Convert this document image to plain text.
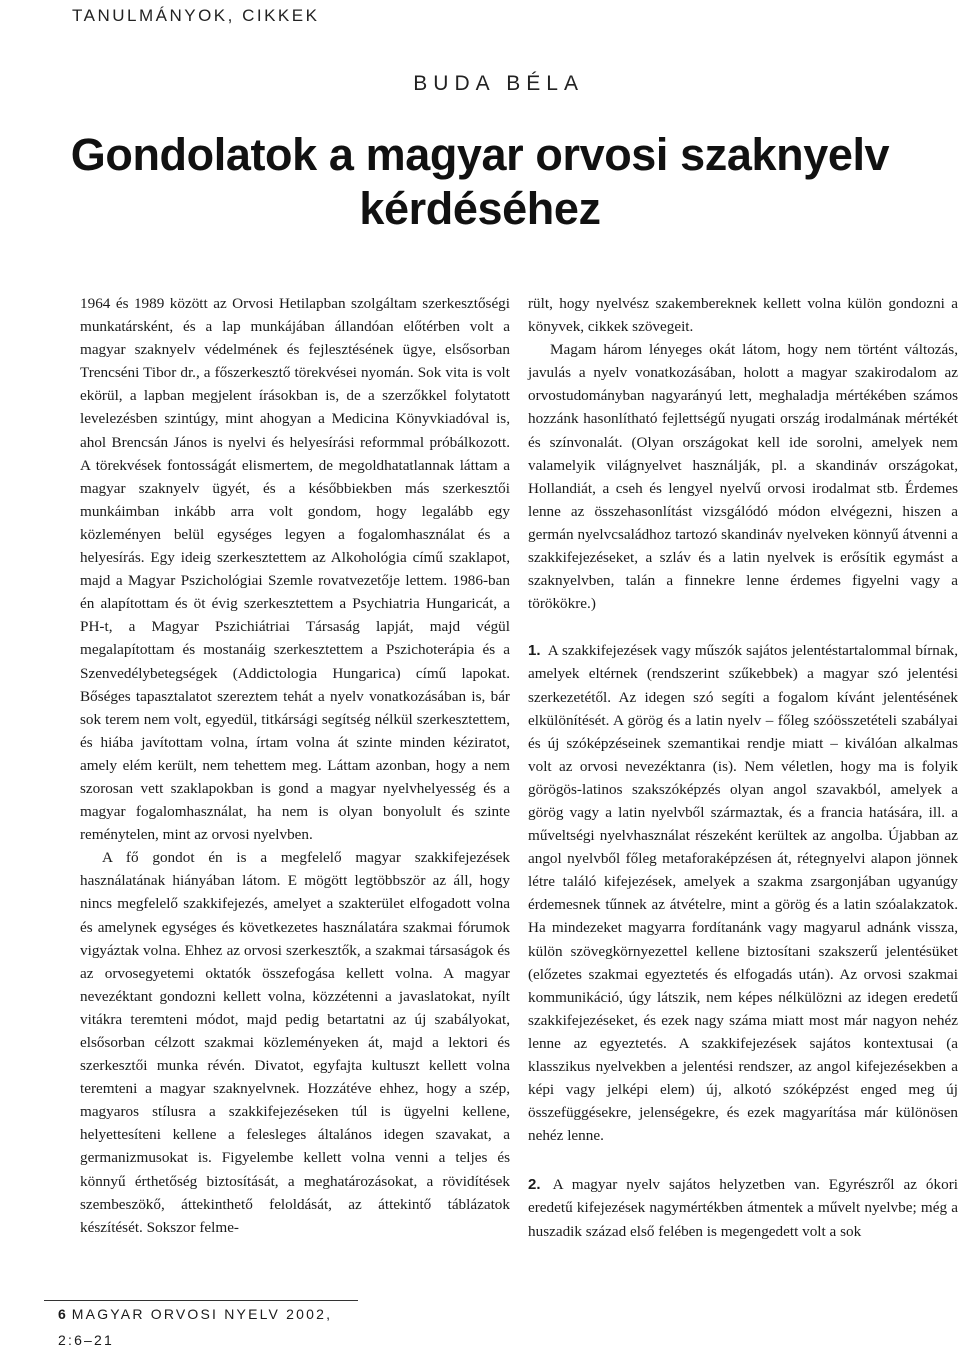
TANULMÁNYOK, CIKKEK
BUDA BÉLA
Gondolatok a magyar orvosi szaknyelv kérdéséhez

1964 és 1989 között az Orvosi Hetilapban szolgáltam szerkesztőségi munkatársként, és a lap munkájában állandóan előtérben volt a magyar szaknyelv védelmének és fejlesztésének ügye, elsősorban Trencséni Tibor dr., a főszerkesztő törekvései nyomán. Sok vita is volt ekörül, a lapban megjelent írásokban is, de a szerzőkkel folytatott levelezésben szintúgy, mint ahogyan a Medicina Könyvkiadóval is, ahol Brencsán János is nyelvi és helyesírási reformmal próbálkozott. A törekvések fontosságát elismertem, de megoldhatatlannak láttam a magyar szaknyelv ügyét, és a későbbiekben más szerkesztői munkáimban inkább arra volt gondom, hogy legalább egy közleményen belül egységes legyen a fogalomhasználat és a helyesírás. Egy ideig szerkesztettem az Alkohológia című szaklapot, majd a Magyar Pszichológiai Szemle rovatvezetője lettem. 1986-ban én alapítottam és öt évig szerkesztettem a Psychiatria Hungaricát, a PH-t, a Magyar Pszichiátriai Társaság lapját, majd végül megalapítottam és mostanáig szerkesztettem a Pszichoterápia és a Szenvedélybetegségek (Addictologia Hungarica) című lapokat. Bőséges tapasztalatot szereztem tehát a nyelv vonatkozásában is, bár sok terem nem volt, egyedül, titkársági segítség nélkül szerkesztettem, és hiába javítottam volna, írtam volna át szinte minden kéziratot, amely elém került, nem tehettem meg. Láttam azonban, hogy a nem szorosan vett szaklapokban is gond a magyar nyelvhelyesség és a magyar fogalomhasználat, ha nem is olyan bonyolult és szinte reménytelen, mint az orvosi nyelvben.

A fő gondot én is a megfelelő magyar szakkifejezések használatának hiányában látom. E mögött legtöbbször az áll, hogy nincs megfelelő szakkifejezés, amelyet a szakterület elfogadott volna és amelynek egységes és következetes használatára szakmai fórumok vigyáztak volna. Ehhez az orvosi szerkesztők, a szakmai társaságok és az orvosegyetemi oktatók összefogása kellett volna. A magyar nevezéktant gondozni kellett volna, közzétenni a javaslatokat, nyílt vitákra teremteni módot, majd pedig betartatni az új szabályokat, elsősorban célzott szakmai közleményeken át, majd a lektori és szerkesztői munka révén. Divatot, egyfajta kultuszt kellett volna teremteni a magyar szaknyelvnek. Hozzátéve ehhez, hogy a szép, magyaros stílusra a szakkifejezéseken túl is ügyelni kellene, helyettesíteni kellene a felesleges általános idegen szavakat, a germanizmusokat is. Figyelembe kellett volna venni a teljes és könnyű érthetőség biztosítását, a meghatározásokat, a rövidítések szembeszökő, áttekinthető feloldását, az áttekintő táblázatok készítését. Sokszor felme-

rült, hogy nyelvész szakembereknek kellett volna külön gondozni a könyvek, cikkek szövegeit.

Magam három lényeges okát látom, hogy nem történt változás, javulás a nyelv vonatkozásában, holott a magyar szakirodalom az orvostudományban nagyarányú lett, meghaladja mértékében számos hozzánk hasonlítható fejlettségű nyugati ország irodalmának mértékét és színvonalát. (Olyan országokat kell ide sorolni, amelyek nem valamelyik világnyelvet használják, pl. a skandináv országokat, Hollandiát, a cseh és lengyel nyelvű orvosi irodalmat stb. Érdemes lenne az összehasonlítást vizsgálódó módon elvégezni, hiszen a germán nyelvcsaládhoz tartozó skandináv nyelveken könnyű átvenni a szakkifejezéseket, a szláv és a latin nyelvek is erősítik egymást a szaknyelvben, talán a finnekre lenne érdemes figyelni vagy a törökökre.)

1. A szakkifejezések vagy műszók sajátos jelentéstartalommal bírnak, amelyek eltérnek (rendszerint szűkebbek) a magyar szó jelentési szerkezetétől. Az idegen szó segíti a fogalom kívánt jelentésének elkülönítését. A görög és a latin nyelv – főleg szóösszetételi szabályai és új szóképzéseinek szemantikai rendje miatt – kiválóan alkalmas volt az orvosi nevezéktanra (is). Nem véletlen, hogy ma is folyik görögös-latinos szakszóképzés olyan angol szavakból, amelyek a görög vagy a latin nyelvből származtak, és a francia hatására, ill. a műveltségi nyelvhasználat részeként kerültek az angolba. Újabban az angol nyelvből főleg metaforaképzésen át, rétegnyelvi alapon jönnek létre találó kifejezések, amelyek a szakma zsargonjában ugyanúgy érdemesnek tűnnek az átvételre, mint a görög és a latin szóalakzatok. Ha mindezeket magyarra fordítanánk vagy magyarul adnánk vissza, külön szövegkörnyezettel kellene biztosítani szakszerű jelentésüket (előzetes szakmai egyeztetés és elfogadás után). Az orvosi szakmai kommunikáció, úgy látszik, nem képes nélkülözni az idegen eredetű szakkifejezéseket, és ezek nagy száma miatt most már nagyon nehéz lenne az egyeztetés. A szakkifejezések sajátos kontextusai (a klasszikus nyelvekben a jelentési rendszer, az angol kifejezésekben a képi vagy jelképi elem) új, alkotó szóképzést enged meg új összefüggésekre, jelenségekre, és ezek magyarítása már különösen nehéz lenne.

2. A magyar nyelv sajátos helyzetben van. Egyrészről az ókori eredetű kifejezések nagymértékben átmentek a művelt nyelvbe; még a huszadik század első felében is megengedett volt a sok

6 MAGYAR ORVOSI NYELV 2002, 2:6–21
